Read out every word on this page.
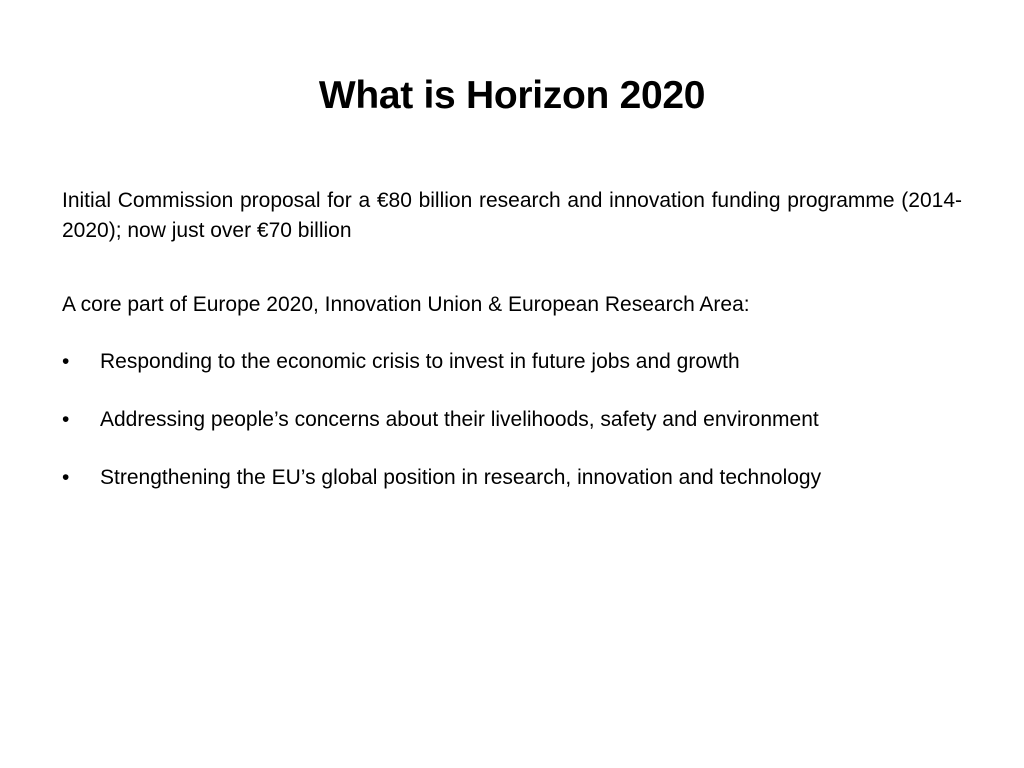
What is Horizon 2020

Initial Commission proposal for a €80 billion research and innovation funding programme (2014-2020); now just over €70 billion

A core part of Europe 2020, Innovation Union & European Research Area:

•	Responding to the economic crisis to invest in future jobs and growth
•	Addressing people’s concerns about their livelihoods, safety and environment
•	Strengthening the EU’s global position in research, innovation and technology
